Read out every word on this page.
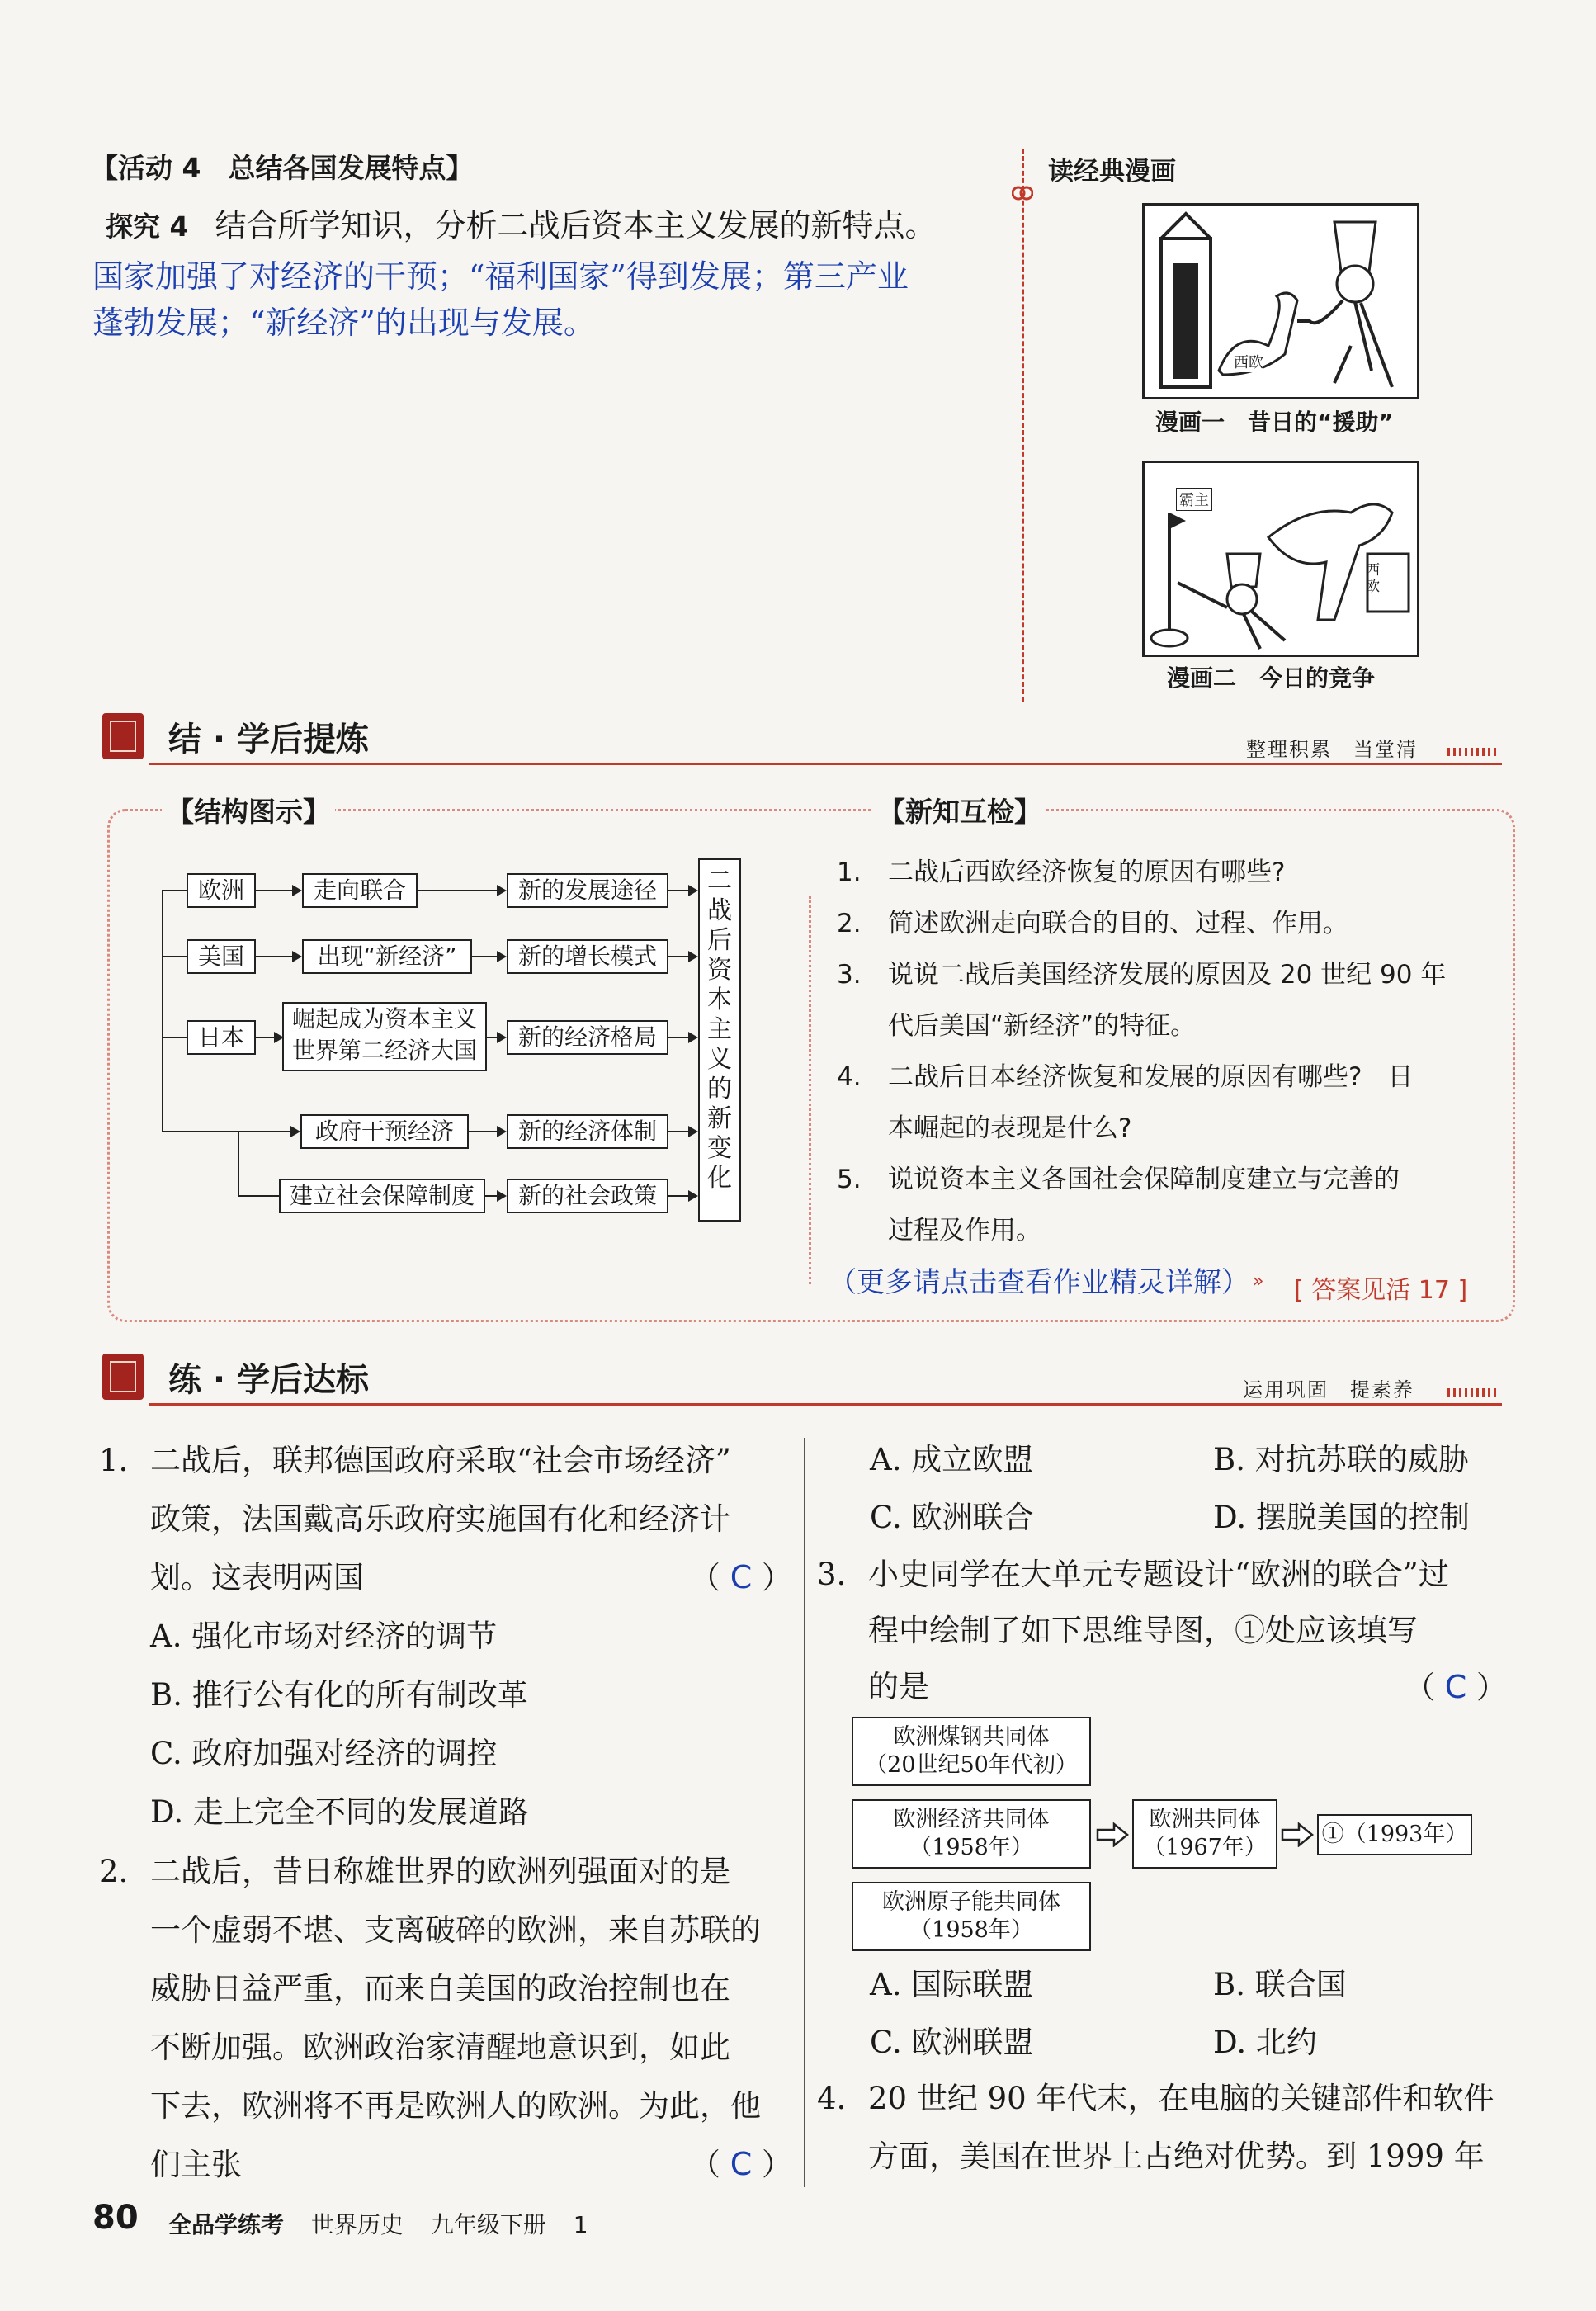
【活动 4　总结各国发展特点】
探究 4 结合所学知识，分析二战后资本主义发展的新特点。
国家加强了对经济的干预；“福利国家”得到发展；第三产业
蓬勃发展；“新经济”的出现与发展。
读经典漫画
西欧
漫画一　昔日的“援助”
霸主
西欧
漫画二　今日的竞争
结 · 学后提炼	整理积累　当堂清
【结构图示】	【新知互检】
欧洲
美国
日本
走向联合
出现“新经济”
崛起成为资本主义
世界第二经济大国
政府干预经济
建立社会保障制度
新的发展途径
新的增长模式
新的经济格局
新的经济体制
新的社会政策
二
战
后
资
本
主
义
的
新
变
化
1. 二战后西欧经济恢复的原因有哪些?
2. 简述欧洲走向联合的目的、过程、作用。
3. 说说二战后美国经济发展的原因及 20 世纪 90 年
代后美国“新经济”的特征。
4. 二战后日本经济恢复和发展的原因有哪些?　日
本崛起的表现是什么?
5. 说说资本主义各国社会保障制度建立与完善的
过程及作用。
（更多请点击查看作业精灵详解） » [ 答案见活 17 ]
练 · 学后达标	运用巩固　提素养
1. 二战后，联邦德国政府采取“社会市场经济”
政策，法国戴高乐政府实施国有化和经济计
划。这表明两国	（ C ）
A. 强化市场对经济的调节
B. 推行公有化的所有制改革
C. 政府加强对经济的调控
D. 走上完全不同的发展道路
2. 二战后，昔日称雄世界的欧洲列强面对的是
一个虚弱不堪、支离破碎的欧洲，来自苏联的
威胁日益严重，而来自美国的政治控制也在
不断加强。欧洲政治家清醒地意识到，如此
下去，欧洲将不再是欧洲人的欧洲。为此，他
们主张	（ C ）
A. 成立欧盟	B. 对抗苏联的威胁
C. 欧洲联合	D. 摆脱美国的控制
3. 小史同学在大单元专题设计“欧洲的联合”过
程中绘制了如下思维导图，①处应该填写
的是	（ C ）
欧洲煤钢共同体
（20世纪50年代初）
欧洲经济共同体
（1958年）
欧洲原子能共同体
（1958年）
欧洲共同体
（1967年）
①（1993年）
A. 国际联盟	B. 联合国
C. 欧洲联盟	D. 北约
4. 20 世纪 90 年代末，在电脑的关键部件和软件
方面，美国在世界上占绝对优势。到 1999 年
80 全品学练考 世界历史 九年级下册 1
